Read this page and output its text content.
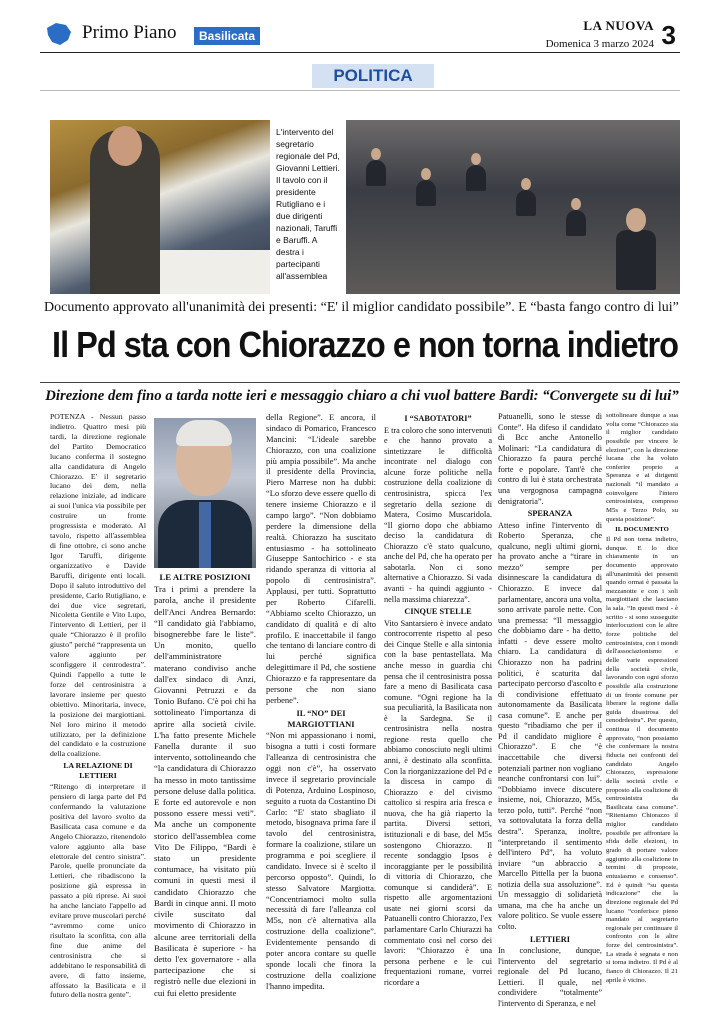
Primo Piano	Basilicata
LA NUOVA
Domenica 3 marzo 2024 3
POLITICA
L'intervento del segretario regionale del Pd, Giovanni Lettieri. Il tavolo con il presidente Rutigliano e i due dirigenti nazionali, Taruffi e Baruffi. A destra i partecipanti all'assemblea
Documento approvato all'unanimità dei presenti: “E' il miglior candidato possibile”. E “basta fango contro di lui”
Il Pd sta con Chiorazzo e non torna indietro
Direzione dem fino a tarda notte ieri e messaggio chiaro a chi vuol battere Bardi: “Convergete su di lui”

POTENZA - Nessun passo indietro. Quattro mesi più tardi, la direzione regionale del Partito Democratico lucano conferma il sostegno alla candidatura di Angelo Chiorazzo. E' il segretario lucano dei dem, nella relazione iniziale, ad indicare ai suoi l'unica via possibile per costruire un fronte progressista e moderato. Al tavolo, rispetto all'assemblea di fine ottobre, ci sono anche Igor Taruffi, dirigente organizzativo e Davide Baruffi, dirigente enti locali. Dopo il saluto introduttivo del presidente, Carlo Rutigliano, e dei due vice segretari, Nicoletta Gentile e Vito Lupo, l'intervento di Lettieri, per il quale “Chiorazzo è il profilo giusto” perché “rappresenta un valore aggiunto per sconfiggere il centrodestra”. Quindi l'appello a tutte le forze del centrosinistra a lavorare insieme per questo obiettivo. Minoritaria, invece, la posizione dei margiottiani. Nel loro mirino il metodo utilizzato, per la definizione del candidato e la costruzione della coalizione.

LA RELAZIONE DI LETTIERI

“Ritengo di interpretare il pensiero di larga parte del Pd confermando la valutazione positiva del lavoro svolto da Basilicata casa comune e da Angelo Chiorazzo, ritenendolo valore aggiunto alla base elettorale del centro sinistra”. Parole, quelle pronunciate da Lettieri, che ribadiscono la posizione già espressa in passato a più riprese. Ai suoi ha anche lanciato l'appello ad evitare prove muscolari perché “avremmo come unico risultato la sconfitta, con alla fine due anime del centrosinistra che si addebitano le responsabilità di avere, di fatto insieme, affossato la Basilicata e il futuro della nostra gente”.

LE ALTRE POSIZIONI

Tra i primi a prendere la parola, anche il presidente dell'Anci Andrea Bernardo: “Il candidato già l'abbiamo, bisognerebbe fare le liste”. Un monito, quello dell'amministratore materano condiviso anche dall'ex sindaco di Anzi, Giovanni Petruzzi e da Tonio Bufano. C'è poi chi ha sottolineato l'importanza di aprire alla società civile. L'ha fatto presente Michele Fanella durante il suo intervento, sottolineando che “la candidatura di Chiorazzo ha messo in moto tantissime persone deluse dalla politica. E forte ed autorevole e non possono essere messi veti”. Ma anche un componente storico dell'assemblea come Vito De Filippo, “Bardi è stato un presidente contumace, ha visitato più comuni in questi mesi il candidato Chiorazzo che Bardi in cinque anni. Il moto civile suscitato dal movimento di Chiorazzo in alcune aree territoriali della Basilicata è superiore - ha detto l'ex governatore - alla partecipazione che si registrò nelle due elezioni in cui fui eletto presidente

della Regione”. E ancora, il sindaco di Pomarico, Francesco Mancini: “L'ideale sarebbe Chiorazzo, con una coalizione più ampia possibile”. Ma anche il presidente della Provincia, Piero Marrese non ha dubbi: “Lo sforzo deve essere quello di tenere insieme Chiorazzo e il campo largo”. “Non dobbiamo perdere la dimensione della realtà. Chiorazzo ha suscitato entusiasmo - ha sottolineato Giuseppe Santochirico - e sta ridando speranza di vittoria al popolo di centrosinistra”. Applausi, per tutti. Soprattutto per Roberto Cifarelli. “Abbiamo scelto Chiorazzo, un candidato di qualità e di alto profilo. E inaccettabile il fango che tentano di lanciare contro di lui perché significa delegittimare il Pd, che sostiene Chiorazzo e fa rappresentare da persone che non siano perbene”.

IL “NO” DEI MARGIOTTIANI

“Non mi appassionano i nomi, bisogna a tutti i costi formare l'alleanza di centrosinistra che oggi non c'è”, ha osservato invece il segretario provinciale di Potenza, Arduino Lospinoso, seguito a ruota da Costantino Di Carlo: “E' stato sbagliato il metodo, bisognava prima fare il tavolo del centrosinistra, formare la coalizione, stilare un programma e poi scegliere il candidato. Invece si è scelto il percorso opposto”. Quindi, lo stesso Salvatore Margiotta. “Concentriamoci molto sulla necessità di fare l'alleanza col M5s, non c'è alternativa alla costruzione della coalizione”. Evidentemente pensando di poter ancora contare su quelle sponde locali che finora la costruzione della coalizione l'hanno impedita.

I “SABOTATORI”

E tra coloro che sono intervenuti e che hanno provato a sintetizzare le difficoltà incontrate nel dialogo con alcune forze politiche nella costruzione della coalizione di centrosinistra, spicca l'ex segretario della sezione di Matera, Cosimo Muscaridola. “Il giorno dopo che abbiamo deciso la candidatura di Chiorazzo c'è stato qualcuno, anche del Pd, che ha operato per sabotarla. Non ci sono alternative a Chiorazzo. Si vada avanti - ha quindi aggiunto - nella massima chiarezza”.

CINQUE STELLE

Vito Santarsiero è invece andato controcorrente rispetto al peso dei Cinque Stelle e alla sintonia con la base pentastellata. Ma anche messo in guardia chi pensa che il centrosinistra possa fare a meno di Basilicata casa comune. “Ogni regione ha la sua peculiarità, la Basilicata non è la Sardegna. Se il centrosinistra nella nostra regione resta quello che abbiamo conosciuto negli ultimi anni, è destinato alla sconfitta. Con la riorganizzazione del Pd e la discesa in campo di Chiorazzo e del civismo cattolico si respira aria fresca e nuova, che ha già riaperto la partita. Diversi settori, istituzionali e di base, del M5s sostengono Chiorazzo. Il recente sondaggio Ipsos è incoraggiante per le possibilità di vittoria di Chiorazzo, che comunque si candiderà”. E rispetto alle argomentazioni usate nei giorni scorsi da Patuanelli contro Chiorazzo, l'ex parlamentare Carlo Chiurazzi ha commentato così nel corso dei lavori: “Chiorazzo è una persona perbene e le cui frequentazioni romane, vorrei ricordare a

Patuanelli, sono le stesse di Conte”. Ha difeso il candidato di Bcc anche Antonello Molinari: “La candidatura di Chiorazzo fa paura perché forte e popolare. Tant'è che contro di lui è stata orchestrata una vergognosa campagna denigratoria”.

SPERANZA

Atteso infine l'intervento di Roberto Speranza, che qualcuno, negli ultimi giorni, ha provato anche a “tirare in mezzo” sempre per disinnescare la candidatura di Chiorazzo. E invece dal parlamentare, ancora una volta, sono arrivate parole nette. Con una premessa: “Il messaggio che dobbiamo dare - ha detto, infatti - deve essere molto chiaro. La candidatura di Chiorazzo non ha padrini politici, è scaturita dal partecipato percorso d'ascolto e di condivisione effettuato autonomamente da Basilicata casa comune”. E anche per questo “ribadiamo che per il Pd il candidato migliore è Chiorazzo”. E che “è inaccettabile che diversi potenziali partner non vogliano neanche confrontarsi con lui”. “Dobbiamo invece discutere insieme, noi, Chiorazzo, M5s, terzo polo, tutti”. Perché “non va sottovalutata la forza della destra”. Speranza, inoltre, “interpretando il sentimento dell'intero Pd”, ha voluto inviare “un abbraccio a Marcello Pittella per la buona notizia della sua assoluzione”. Un messaggio di solidarietà umana, ma che ha anche un valore politico. Se vuole essere colto.

LETTIERI

In conclusione, dunque, l'intervento del segretario regionale del Pd lucano, Lettieri. Il quale, nel condividere “totalmente” l'intervento di Speranza, e nel

sottolineare dunque a sua volta come “Chiorazzo sia il miglior candidato possibile per vincere le elezioni”, con la direzione lucana che ha voluto conferire proprio a Speranza e ai dirigenti nazionali “il mandato a coinvolgere l'intero centrosinistra, compreso M5s e Terzo Polo, su questa posizione”.

IL DOCUMENTO

Il Pd non torna indietro, dunque. E lo dice chiaramente in un documento approvato all'unanimità dei presenti quando ormai è passata la mezzanotte e con i soli margiottiani che lasciano la sala. “In questi mesi - è scritto - si sono susseguite interlocuzioni con le altre forze politiche del centrosinistra, con i mondi dell'associazionismo e delle varie espressioni della società civile, lavorando con ogni sforzo possibile alla costruzione di un fronte comune per liberare la regione dalla guida disastrosa del cenodrdestra”. Per questo, continua il documento approvato, “non possiamo che confermare la nostra fiducia nei confronti del candidato Angelo Chiorazzo, espressione della società civile e proposto alla coalizione di centrosinistra da Basilicata casa comune”. “Riteniamo Chiorazzo il miglior candidato possibile per affrontare la sfida delle elezioni, in grado di portare valore aggiunto alla coalizione in termini di proposte, entusiasmo e consenso”. Ed è quindi “su questa indicazione” che la direzione regionale del Pd lucano “conferisce pieno mandato al segretario regionale per continuare il confronto con le altre forze del centrosinistra”. La strada è segnata e non si torna indietro. Il Pd è al fianco di Chiorazzo. Il 21 aprile è vicino.
